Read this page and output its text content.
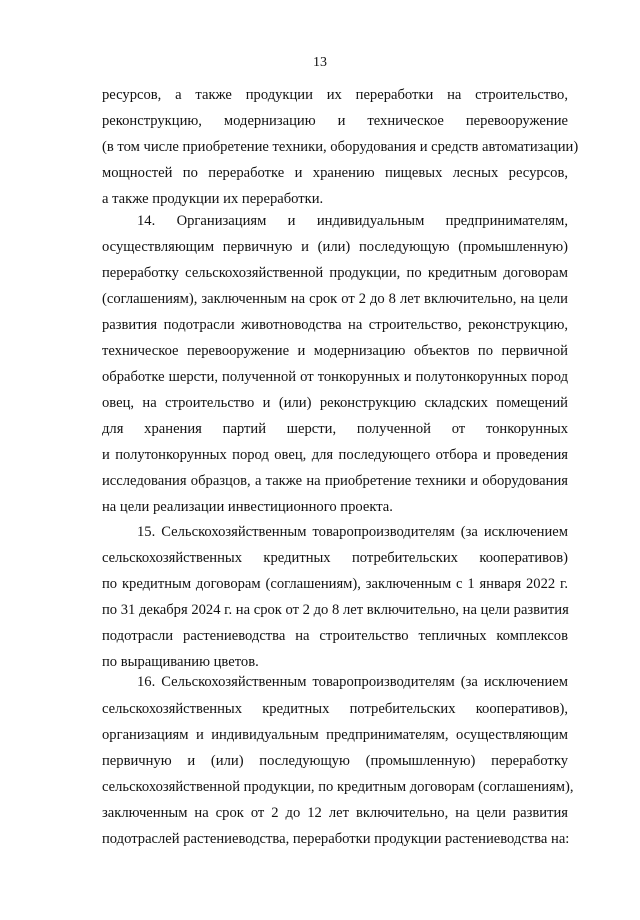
13
ресурсов, а также продукции их переработки на строительство,
реконструкцию, модернизацию и техническое перевооружение
(в том числе приобретение техники, оборудования и средств автоматизации)
мощностей по переработке и хранению пищевых лесных ресурсов,
а также продукции их переработки.
14. Организациям и индивидуальным предпринимателям,
осуществляющим первичную и (или) последующую (промышленную)
переработку сельскохозяйственной продукции, по кредитным договорам
(соглашениям), заключенным на срок от 2 до 8 лет включительно, на цели
развития подотрасли животноводства на строительство, реконструкцию,
техническое перевооружение и модернизацию объектов по первичной
обработке шерсти, полученной от тонкорунных и полутонкорунных пород
овец, на строительство и (или) реконструкцию складских помещений
для хранения партий шерсти, полученной от тонкорунных
и полутонкорунных пород овец, для последующего отбора и проведения
исследования образцов, а также на приобретение техники и оборудования
на цели реализации инвестиционного проекта.
15. Сельскохозяйственным товаропроизводителям (за исключением
сельскохозяйственных кредитных потребительских кооперативов)
по кредитным договорам (соглашениям), заключенным с 1 января 2022 г.
по 31 декабря 2024 г. на срок от 2 до 8 лет включительно, на цели развития
подотрасли растениеводства на строительство тепличных комплексов
по выращиванию цветов.
16. Сельскохозяйственным товаропроизводителям (за исключением
сельскохозяйственных кредитных потребительских кооперативов),
организациям и индивидуальным предпринимателям, осуществляющим
первичную и (или) последующую (промышленную) переработку
сельскохозяйственной продукции, по кредитным договорам (соглашениям),
заключенным на срок от 2 до 12 лет включительно, на цели развития
подотраслей растениеводства, переработки продукции растениеводства на:
